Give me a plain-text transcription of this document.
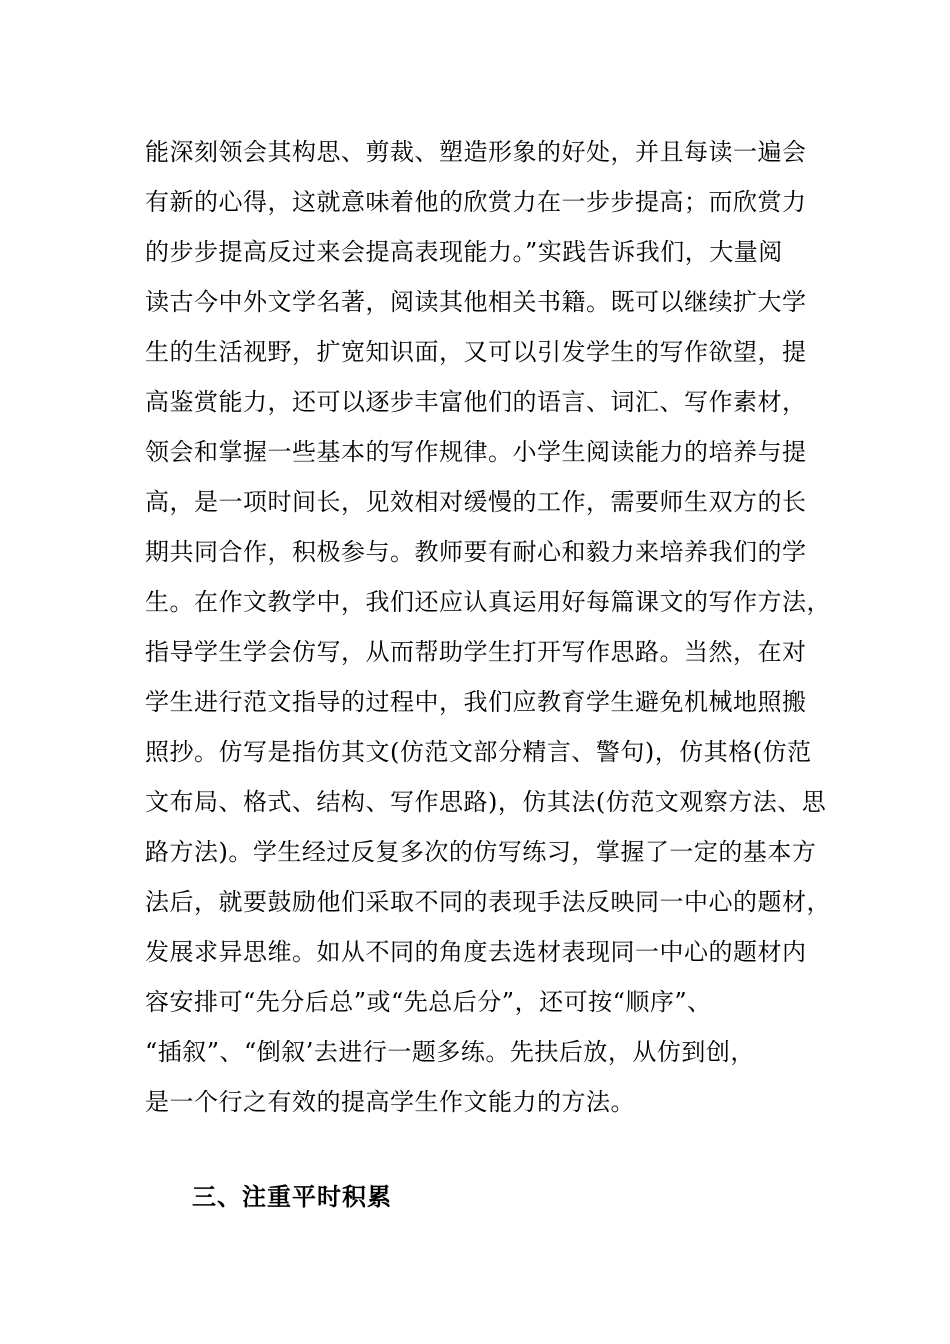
能深刻领会其构思、剪裁、塑造形象的好处，并且每读一遍会
有新的心得，这就意味着他的欣赏力在一步步提高；而欣赏力
的步步提高反过来会提高表现能力。”实践告诉我们，大量阅
读古今中外文学名著，阅读其他相关书籍。既可以继续扩大学
生的生活视野，扩宽知识面，又可以引发学生的写作欲望，提
高鉴赏能力，还可以逐步丰富他们的语言、词汇、写作素材，
领会和掌握一些基本的写作规律。小学生阅读能力的培养与提
高，是一项时间长，见效相对缓慢的工作，需要师生双方的长
期共同合作，积极参与。教师要有耐心和毅力来培养我们的学
生。在作文教学中，我们还应认真运用好每篇课文的写作方法，
指导学生学会仿写，从而帮助学生打开写作思路。当然，在对
学生进行范文指导的过程中，我们应教育学生避免机械地照搬
照抄。仿写是指仿其文(仿范文部分精言、警句)，仿其格(仿范
文布局、格式、结构、写作思路)，仿其法(仿范文观察方法、思
路方法)。学生经过反复多次的仿写练习，掌握了一定的基本方
法后，就要鼓励他们采取不同的表现手法反映同一中心的题材，
发展求异思维。如从不同的角度去选材表现同一中心的题材内
容安排可“先分后总”或“先总后分”，还可按“顺序”、
“插叙”、“倒叙’去进行一题多练。先扶后放，从仿到创，
是一个行之有效的提高学生作文能力的方法。
三、注重平时积累
